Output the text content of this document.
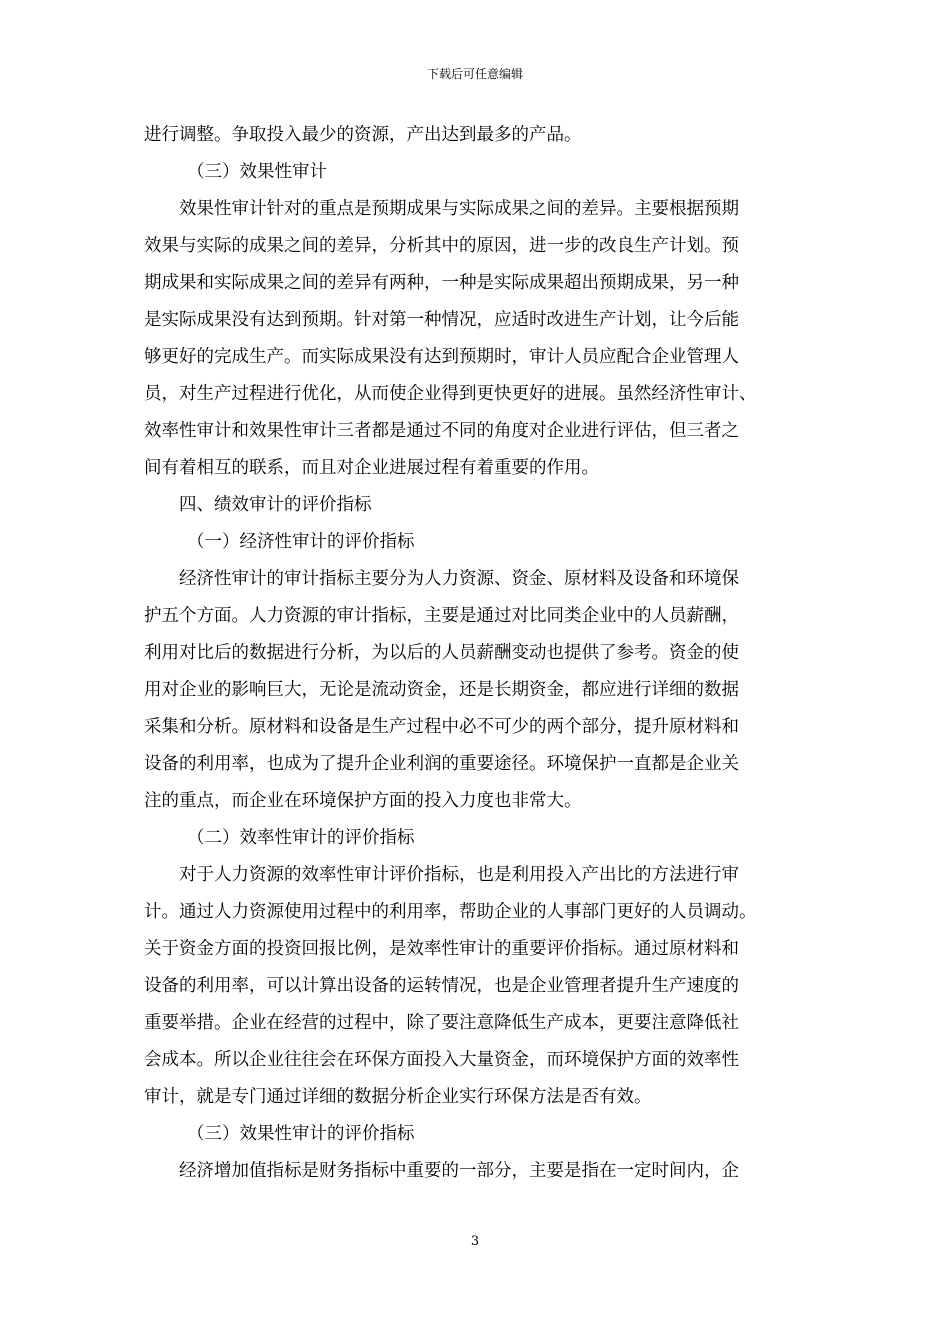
下载后可任意编辑
进行调整。争取投入最少的资源，产出达到最多的产品。
（三）效果性审计
效果性审计针对的重点是预期成果与实际成果之间的差异。主要根据预期
效果与实际的成果之间的差异，分析其中的原因，进一步的改良生产计划。预
期成果和实际成果之间的差异有两种，一种是实际成果超出预期成果，另一种
是实际成果没有达到预期。针对第一种情况，应适时改进生产计划，让今后能
够更好的完成生产。而实际成果没有达到预期时，审计人员应配合企业管理人
员，对生产过程进行优化，从而使企业得到更快更好的进展。虽然经济性审计、
效率性审计和效果性审计三者都是通过不同的角度对企业进行评估，但三者之
间有着相互的联系，而且对企业进展过程有着重要的作用。
四、绩效审计的评价指标
（一）经济性审计的评价指标
经济性审计的审计指标主要分为人力资源、资金、原材料及设备和环境保
护五个方面。人力资源的审计指标，主要是通过对比同类企业中的人员薪酬，
利用对比后的数据进行分析，为以后的人员薪酬变动也提供了参考。资金的使
用对企业的影响巨大，无论是流动资金，还是长期资金，都应进行详细的数据
采集和分析。原材料和设备是生产过程中必不可少的两个部分，提升原材料和
设备的利用率，也成为了提升企业利润的重要途径。环境保护一直都是企业关
注的重点，而企业在环境保护方面的投入力度也非常大。
（二）效率性审计的评价指标
对于人力资源的效率性审计评价指标，也是利用投入产出比的方法进行审
计。通过人力资源使用过程中的利用率，帮助企业的人事部门更好的人员调动。
关于资金方面的投资回报比例，是效率性审计的重要评价指标。通过原材料和
设备的利用率，可以计算出设备的运转情况，也是企业管理者提升生产速度的
重要举措。企业在经营的过程中，除了要注意降低生产成本，更要注意降低社
会成本。所以企业往往会在环保方面投入大量资金，而环境保护方面的效率性
审计，就是专门通过详细的数据分析企业实行环保方法是否有效。
（三）效果性审计的评价指标
经济增加值指标是财务指标中重要的一部分，主要是指在一定时间内，企
3
